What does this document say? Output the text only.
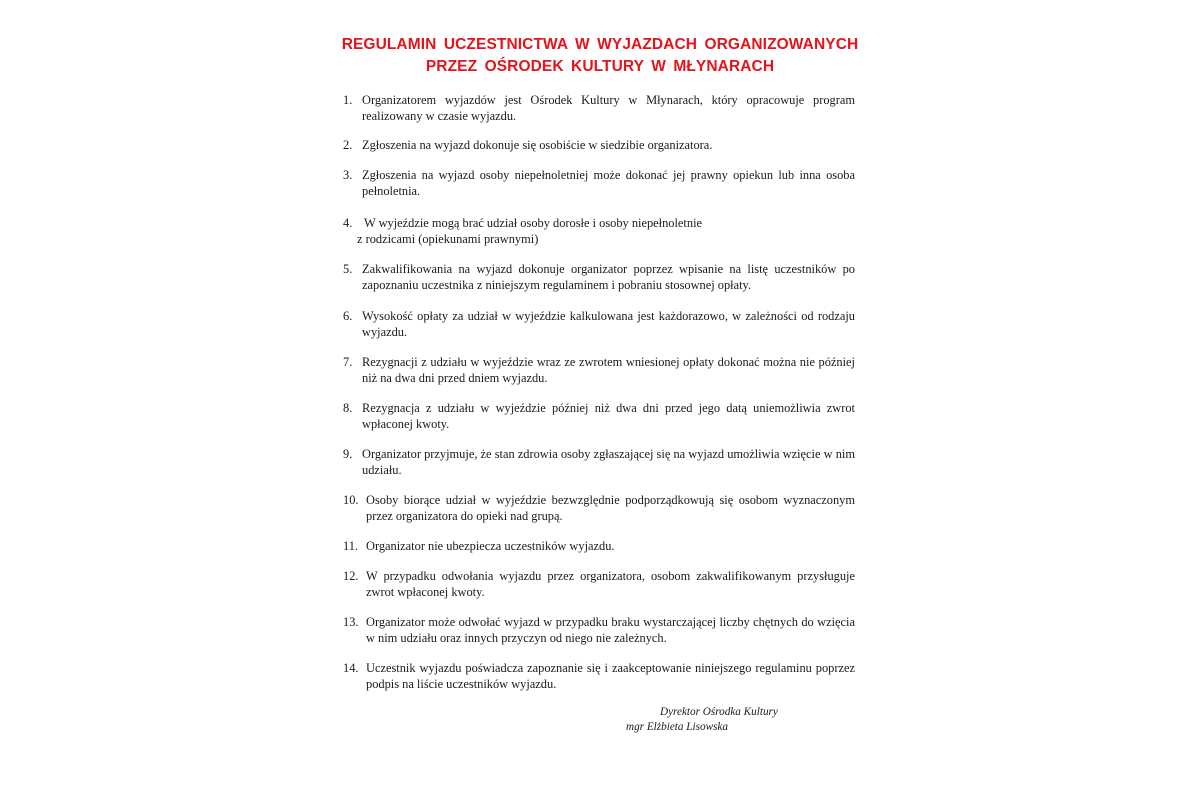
REGULAMIN UCZESTNICTWA W WYJAZDACH ORGANIZOWANYCH
PRZEZ OŚRODEK KULTURY W MŁYNARACH
1. Organizatorem wyjazdów jest Ośrodek Kultury w Młynarach, który opracowuje program realizowany w czasie wyjazdu.
2. Zgłoszenia na wyjazd dokonuje się osobiście w siedzibie organizatora.
3. Zgłoszenia na wyjazd osoby niepełnoletniej może dokonać jej prawny opiekun lub inna osoba pełnoletnia.
4. W wyjeździe mogą brać udział osoby dorosłe i osoby niepełnoletnie
z rodzicami (opiekunami prawnymi)
5. Zakwalifikowania na wyjazd dokonuje organizator poprzez wpisanie na listę uczestników po zapoznaniu uczestnika z niniejszym regulaminem i pobraniu stosownej opłaty.
6. Wysokość opłaty za udział w wyjeździe kalkulowana jest każdorazowo, w zależności od rodzaju wyjazdu.
7. Rezygnacji z udziału w wyjeździe wraz ze zwrotem wniesionej opłaty dokonać można nie później niż na dwa dni przed dniem wyjazdu.
8. Rezygnacja z udziału w wyjeździe później niż dwa dni przed jego datą uniemożliwia zwrot wpłaconej kwoty.
9. Organizator przyjmuje, że stan zdrowia osoby zgłaszającej się na wyjazd umożliwia wzięcie w nim udziału.
10. Osoby biorące udział w wyjeździe bezwzględnie podporządkowują się osobom wyznaczonym przez organizatora do opieki nad grupą.
11. Organizator nie ubezpiecza uczestników wyjazdu.
12. W przypadku odwołania wyjazdu przez organizatora, osobom zakwalifikowanym przysługuje zwrot wpłaconej kwoty.
13. Organizator może odwołać wyjazd w przypadku braku wystarczającej liczby chętnych do wzięcia w nim udziału oraz innych przyczyn od niego nie zależnych.
14. Uczestnik wyjazdu poświadcza zapoznanie się i zaakceptowanie niniejszego regulaminu poprzez podpis na liście uczestników wyjazdu.
Dyrektor Ośrodka Kultury
mgr Elżbieta Lisowska
